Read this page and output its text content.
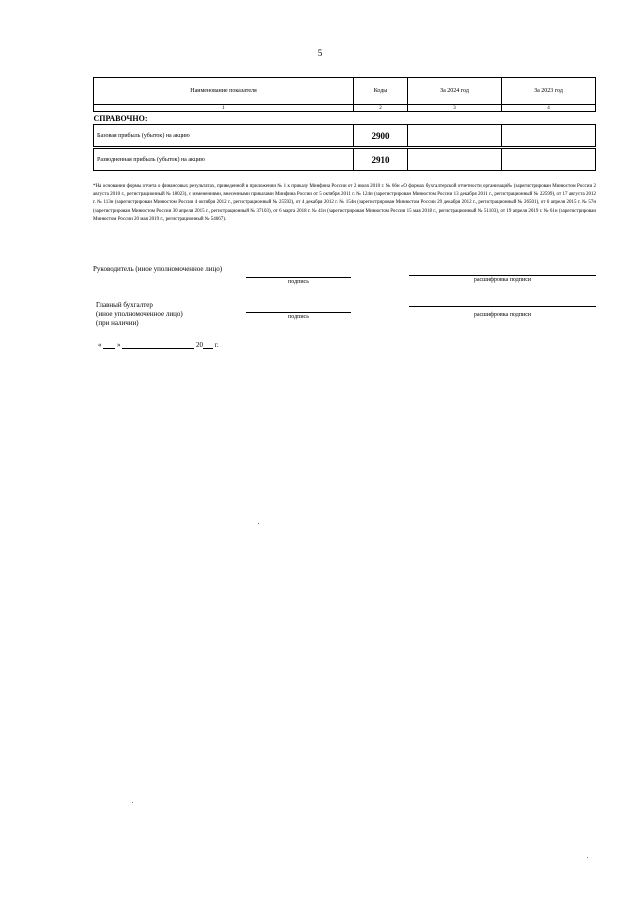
5
Наименование показателя	Коды	За 2024 год	За 2023 год
1	2	3	4
СПРАВОЧНО:			
Базовая прибыль (убыток) на акцию	2900		

Разводненная прибыль (убыток) на акцию	2910		
*На основании формы отчета о финансовых результатах, приведенной в приложении № 1 к приказу Минфина России от 2 июля 2010 г. № 66н «О формах бухгалтерской отчетности организаций» (зарегистрирован Минюстом России 2 августа 2010 г., регистрационный № 18023), с изменениями, внесенными приказами Минфина России от 5 октября 2011 г. № 124н (зарегистрирован Минюстом России 13 декабря 2011 г., регистрационный № 22599), от 17 августа 2012 г. № 113н (зарегистрирован Минюстом России 4 октября 2012 г., регистрационный № 25592), от 4 декабря 2012 г. № 154н (зарегистрирован Минюстом России 29 декабря 2012 г., регистрационный № 26501), от 6 апреля 2015 г. № 57н (зарегистрирован Минюстом России 30 апреля 2015 г., регистрационный № 37103), от 6 марта 2018 г. № 41н (зарегистрирован Минюстом России 15 мая 2018 г., регистрационный № 51103), от 19 апреля 2019 г. № 61н (зарегистрирован Минюстом России 20 мая 2019 г., регистрационный № 54667).
Руководитель (иное уполномоченное лицо)
подпись	расшифровка подписи
Главный бухгалтер
(иное уполномоченное лицо)
(при наличии)
подпись	расшифровка подписи
« »	20 г.
